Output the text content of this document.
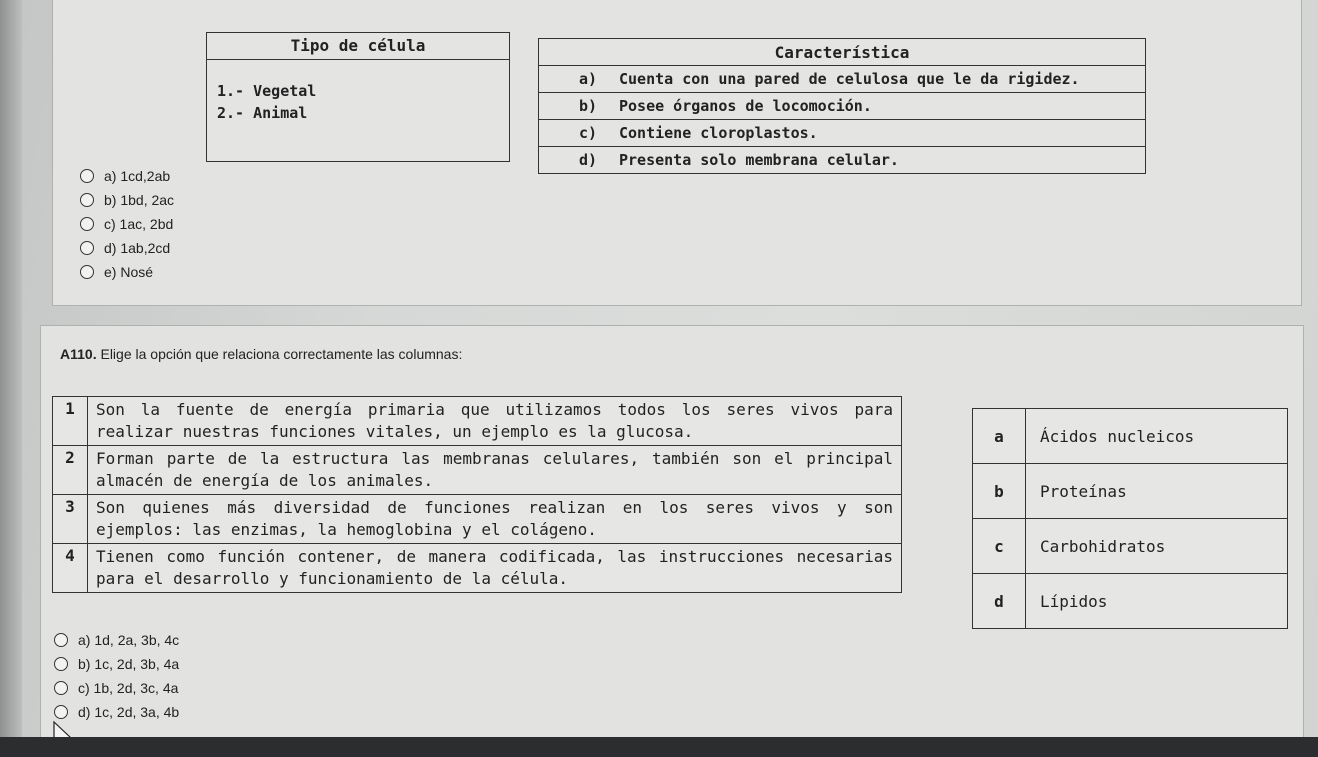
Tipo de célula
1.- Vegetal
2.- Animal
Característica
a) Cuenta con una pared de celulosa que le da rigidez.
b) Posee órganos de locomoción.
c) Contiene cloroplastos.
d) Presenta solo membrana celular.
a) 1cd,2ab
b) 1bd, 2ac
c) 1ac, 2bd
d) 1ab,2cd
e) Nosé
A110. Elige la opción que relaciona correctamente las columnas:
1	Son la fuente de energía primaria que utilizamos todos los seres vivos para realizar nuestras funciones vitales, un ejemplo es la glucosa.
2	Forman parte de la estructura las membranas celulares, también son el principal almacén de energía de los animales.
3	Son quienes más diversidad de funciones realizan en los seres vivos y son ejemplos: las enzimas, la hemoglobina y el colágeno.
4	Tienen como función contener, de manera codificada, las instrucciones necesarias para el desarrollo y funcionamiento de la célula.
a	Ácidos nucleicos
b	Proteínas
c	Carbohidratos
d	Lípidos
a) 1d, 2a, 3b, 4c
b) 1c, 2d, 3b, 4a
c) 1b, 2d, 3c, 4a
d) 1c, 2d, 3a, 4b
